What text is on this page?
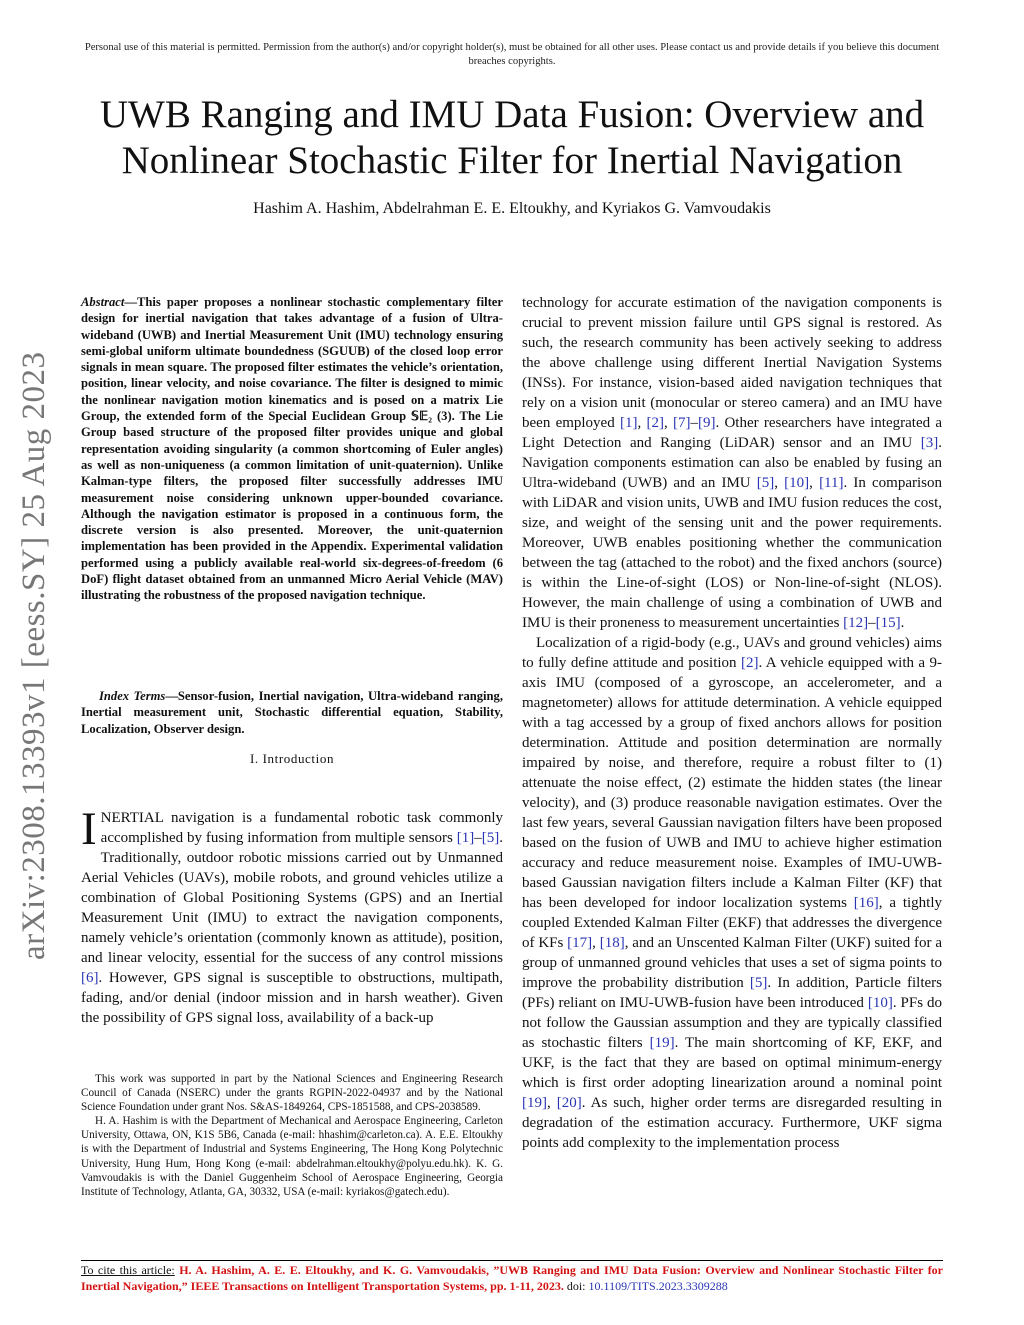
Personal use of this material is permitted. Permission from the author(s) and/or copyright holder(s), must be obtained for all other uses. Please contact us and provide details if you believe this document breaches copyrights.
UWB Ranging and IMU Data Fusion: Overview and
Nonlinear Stochastic Filter for Inertial Navigation
Hashim A. Hashim, Abdelrahman E. E. Eltoukhy, and Kyriakos G. Vamvoudakis
arXiv:2308.13393v1 [eess.SY] 25 Aug 2023
Abstract—This paper proposes a nonlinear stochastic complementary filter design for inertial navigation that takes advantage of a fusion of Ultra-wideband (UWB) and Inertial Measurement Unit (IMU) technology ensuring semi-global uniform ultimate boundedness (SGUUB) of the closed loop error signals in mean square. The proposed filter estimates the vehicle’s orientation, position, linear velocity, and noise covariance. The filter is designed to mimic the nonlinear navigation motion kinematics and is posed on a matrix Lie Group, the extended form of the Special Euclidean Group 𝕊𝔼₂ (3). The Lie Group based structure of the proposed filter provides unique and global representation avoiding singularity (a common shortcoming of Euler angles) as well as non-uniqueness (a common limitation of unit-quaternion). Unlike Kalman-type filters, the proposed filter successfully addresses IMU measurement noise considering unknown upper-bounded covariance. Although the navigation estimator is proposed in a continuous form, the discrete version is also presented. Moreover, the unit-quaternion implementation has been provided in the Appendix. Experimental validation performed using a publicly available real-world six-degrees-of-freedom (6 DoF) flight dataset obtained from an unmanned Micro Aerial Vehicle (MAV) illustrating the robustness of the proposed navigation technique.
Index Terms—Sensor-fusion, Inertial navigation, Ultra-wideband ranging, Inertial measurement unit, Stochastic differential equation, Stability, Localization, Observer design.
I. Introduction
INERTIAL navigation is a fundamental robotic task commonly accomplished by fusing information from multiple sensors [1]–[5]. Traditionally, outdoor robotic missions carried out by Unmanned Aerial Vehicles (UAVs), mobile robots, and ground vehicles utilize a combination of Global Positioning Systems (GPS) and an Inertial Measurement Unit (IMU) to extract the navigation components, namely vehicle’s orientation (commonly known as attitude), position, and linear velocity, essential for the success of any control missions [6]. However, GPS signal is susceptible to obstructions, multipath, fading, and/or denial (indoor mission and in harsh weather). Given the possibility of GPS signal loss, availability of a back-up

This work was supported in part by the National Sciences and Engineering Research Council of Canada (NSERC) under the grants RGPIN-2022-04937 and by the National Science Foundation under grant Nos. S&AS-1849264, CPS-1851588, and CPS-2038589.

H. A. Hashim is with the Department of Mechanical and Aerospace Engineering, Carleton University, Ottawa, ON, K1S 5B6, Canada (e-mail: hhashim@carleton.ca). A. E.E. Eltoukhy is with the Department of Industrial and Systems Engineering, The Hong Kong Polytechnic University, Hung Hum, Hong Kong (e-mail: abdelrahman.eltoukhy@polyu.edu.hk). K. G. Vamvoudakis is with the Daniel Guggenheim School of Aerospace Engineering, Georgia Institute of Technology, Atlanta, GA, 30332, USA (e-mail: kyriakos@gatech.edu).

technology for accurate estimation of the navigation components is crucial to prevent mission failure until GPS signal is restored. As such, the research community has been actively seeking to address the above challenge using different Inertial Navigation Systems (INSs). For instance, vision-based aided navigation techniques that rely on a vision unit (monocular or stereo camera) and an IMU have been employed [1], [2], [7]–[9]. Other researchers have integrated a Light Detection and Ranging (LiDAR) sensor and an IMU [3]. Navigation components estimation can also be enabled by fusing an Ultra-wideband (UWB) and an IMU [5], [10], [11]. In comparison with LiDAR and vision units, UWB and IMU fusion reduces the cost, size, and weight of the sensing unit and the power requirements. Moreover, UWB enables positioning whether the communication between the tag (attached to the robot) and the fixed anchors (source) is within the Line-of-sight (LOS) or Non-line-of-sight (NLOS). However, the main challenge of using a combination of UWB and IMU is their proneness to measurement uncertainties [12]–[15].

Localization of a rigid-body (e.g., UAVs and ground vehicles) aims to fully define attitude and position [2]. A vehicle equipped with a 9-axis IMU (composed of a gyroscope, an accelerometer, and a magnetometer) allows for attitude determination. A vehicle equipped with a tag accessed by a group of fixed anchors allows for position determination. Attitude and position determination are normally impaired by noise, and therefore, require a robust filter to (1) attenuate the noise effect, (2) estimate the hidden states (the linear velocity), and (3) produce reasonable navigation estimates. Over the last few years, several Gaussian navigation filters have been proposed based on the fusion of UWB and IMU to achieve higher estimation accuracy and reduce measurement noise. Examples of IMU-UWB-based Gaussian navigation filters include a Kalman Filter (KF) that has been developed for indoor localization systems [16], a tightly coupled Extended Kalman Filter (EKF) that addresses the divergence of KFs [17], [18], and an Unscented Kalman Filter (UKF) suited for a group of unmanned ground vehicles that uses a set of sigma points to improve the probability distribution [5]. In addition, Particle filters (PFs) reliant on IMU-UWB-fusion have been introduced [10]. PFs do not follow the Gaussian assumption and they are typically classified as stochastic filters [19]. The main shortcoming of KF, EKF, and UKF, is the fact that they are based on optimal minimum-energy which is first order adopting linearization around a nominal point [19], [20]. As such, higher order terms are disregarded resulting in degradation of the estimation accuracy. Furthermore, UKF sigma points add complexity to the implementation process

To cite this article: H. A. Hashim, A. E. E. Eltoukhy, and K. G. Vamvoudakis, ”UWB Ranging and IMU Data Fusion: Overview and Nonlinear Stochastic Filter for Inertial Navigation,” IEEE Transactions on Intelligent Transportation Systems, pp. 1-11, 2023. doi: 10.1109/TITS.2023.3309288
